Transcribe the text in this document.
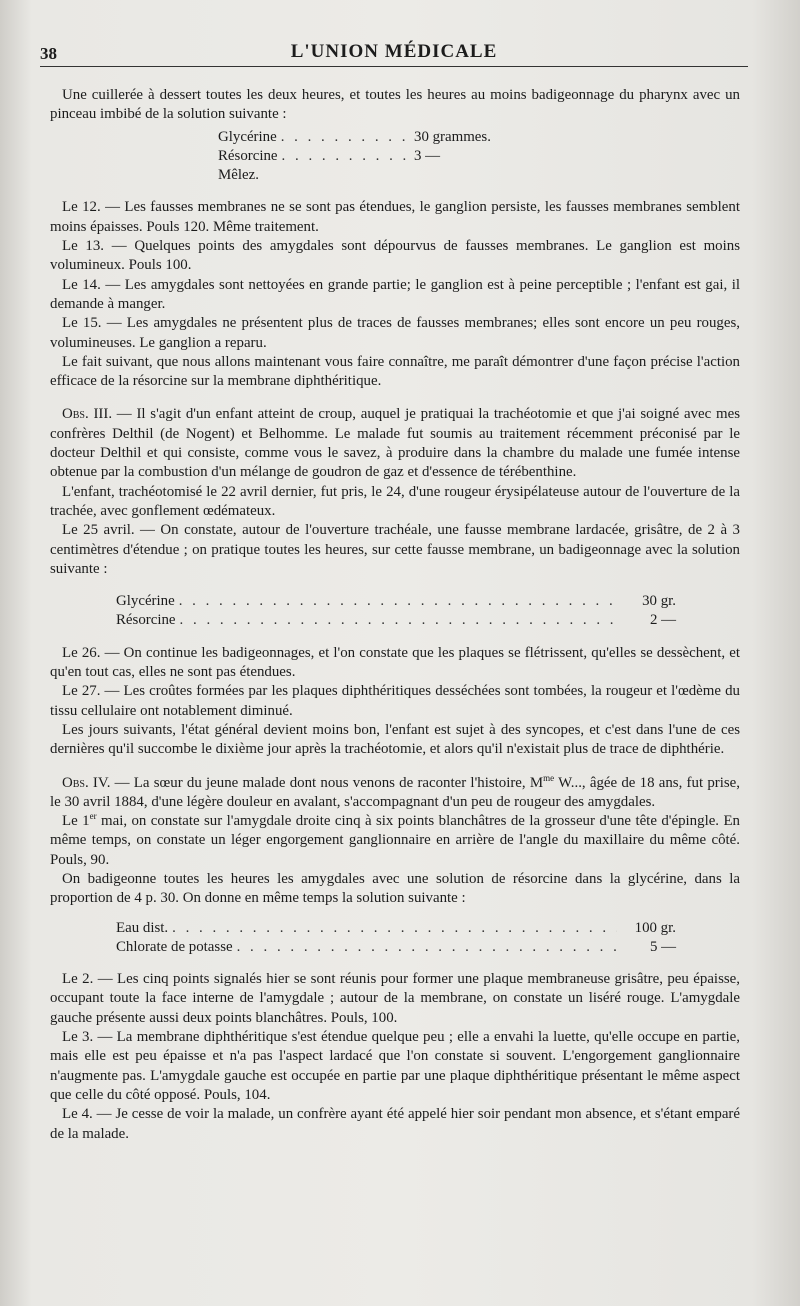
38	L'UNION MÉDICALE

Une cuillerée à dessert toutes les deux heures, et toutes les heures au moins badigeonnage du pharynx avec un pinceau imbibé de la solution suivante :

Glycérine . . .	30 grammes.
Résorcine . . .	3 —
Mêlez.

Le 12. — Les fausses membranes ne se sont pas étendues, le ganglion persiste, les fausses membranes semblent moins épaisses. Pouls 120. Même traitement.

Le 13. — Quelques points des amygdales sont dépourvus de fausses membranes. Le ganglion est moins volumineux. Pouls 100.

Le 14. — Les amygdales sont nettoyées en grande partie; le ganglion est à peine perceptible ; l'enfant est gai, il demande à manger.

Le 15. — Les amygdales ne présentent plus de traces de fausses membranes; elles sont encore un peu rouges, volumineuses. Le ganglion a reparu.

Le fait suivant, que nous allons maintenant vous faire connaître, me paraît démontrer d'une façon précise l'action efficace de la résorcine sur la membrane diphthéritique.

Obs. III. — Il s'agit d'un enfant atteint de croup, auquel je pratiquai la trachéotomie et que j'ai soigné avec mes confrères Delthil (de Nogent) et Belhomme. Le malade fut soumis au traitement récemment préconisé par le docteur Delthil et qui consiste, comme vous le savez, à produire dans la chambre du malade une fumée intense obtenue par la combustion d'un mélange de goudron de gaz et d'essence de térébenthine.

L'enfant, trachéotomisé le 22 avril dernier, fut pris, le 24, d'une rougeur érysipélateuse autour de l'ouverture de la trachée, avec gonflement œdémateux.

Le 25 avril. — On constate, autour de l'ouverture trachéale, une fausse membrane lardacée, grisâtre, de 2 à 3 centimètres d'étendue ; on pratique toutes les heures, sur cette fausse membrane, un badigeonnage avec la solution suivante :

Glycérine . . .	30 gr.
Résorcine . . .	2 —

Le 26. — On continue les badigeonnages, et l'on constate que les plaques se flétrissent, qu'elles se dessèchent, et qu'en tout cas, elles ne sont pas étendues.

Le 27. — Les croûtes formées par les plaques diphthéritiques desséchées sont tombées, la rougeur et l'œdème du tissu cellulaire ont notablement diminué.

Les jours suivants, l'état général devient moins bon, l'enfant est sujet à des syncopes, et c'est dans l'une de ces dernières qu'il succombe le dixième jour après la trachéotomie, et alors qu'il n'existait plus de trace de diphthérie.

Obs. IV. — La sœur du jeune malade dont nous venons de raconter l'histoire, $M^{me}$ W..., âgée de 18 ans, fut prise, le 30 avril 1884, d'une légère douleur en avalant, s'accompagnant d'un peu de rougeur des amygdales.

Le 1er mai, on constate sur l'amygdale droite cinq à six points blanchâtres de la grosseur d'une tête d'épingle. En même temps, on constate un léger engorgement ganglionnaire en arrière de l'angle du maxillaire du même côté. Pouls, 90.

On badigeonne toutes les heures les amygdales avec une solution de résorcine dans la glycérine, dans la proportion de 4 p. 30. On donne en même temps la solution suivante :

Eau dist. . . .	100 gr.
Chlorate de potasse . . .	5 —

Le 2. — Les cinq points signalés hier se sont réunis pour former une plaque membraneuse grisâtre, peu épaisse, occupant toute la face interne de l'amygdale ; autour de la membrane, on constate un liséré rouge. L'amygdale gauche présente aussi deux points blanchâtres. Pouls, 100.

Le 3. — La membrane diphthéritique s'est étendue quelque peu ; elle a envahi la luette, qu'elle occupe en partie, mais elle est peu épaisse et n'a pas l'aspect lardacé que l'on constate si souvent. L'engorgement ganglionnaire n'augmente pas. L'amygdale gauche est occupée en partie par une plaque diphthéritique présentant le même aspect que celle du côté opposé. Pouls, 104.

Le 4. — Je cesse de voir la malade, un confrère ayant été appelé hier soir pendant mon absence, et s'étant emparé de la malade.
